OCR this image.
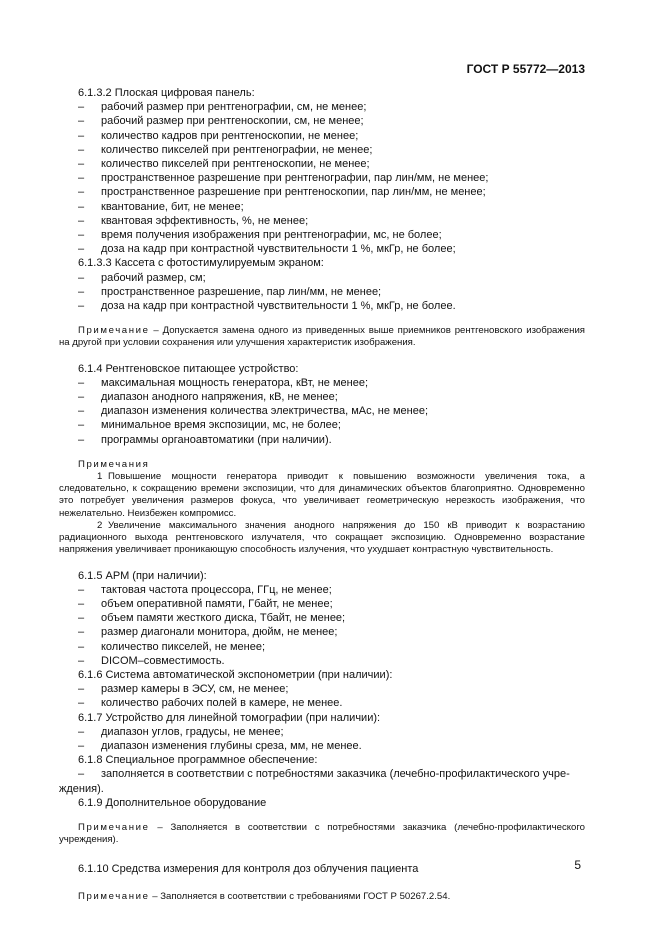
ГОСТ Р 55772—2013
6.1.3.2 Плоская цифровая панель:
– рабочий размер при рентгенографии, см, не менее;
– рабочий размер при рентгеноскопии, см, не менее;
– количество кадров при рентгеноскопии, не менее;
– количество пикселей при рентгенографии, не менее;
– количество пикселей при рентгеноскопии, не менее;
– пространственное разрешение при рентгенографии, пар лин/мм, не менее;
– пространственное разрешение при рентгеноскопии, пар лин/мм, не менее;
– квантование, бит, не менее;
– квантовая эффективность, %, не менее;
– время получения изображения при рентгенографии, мс, не более;
– доза на кадр при контрастной чувствительности 1 %, мкГр, не более;
6.1.3.3 Кассета с фотостимулируемым экраном:
– рабочий размер, см;
– пространственное разрешение, пар лин/мм, не менее;
– доза на кадр при контрастной чувствительности 1 %, мкГр, не более.
Примечание – Допускается замена одного из приведенных выше приемников рентгеновского изображения на другой при условии сохранения или улучшения характеристик изображения.
6.1.4 Рентгеновское питающее устройство:
– максимальная мощность генератора, кВт, не менее;
– диапазон анодного напряжения, кВ, не менее;
– диапазон изменения количества электричества, мАс, не менее;
– минимальное время экспозиции, мс, не более;
– программы органоавтоматики (при наличии).
Примечания
1 Повышение мощности генератора приводит к повышению возможности увеличения тока, а следовательно, к сокращению времени экспозиции, что для динамических объектов благоприятно. Одновременно это потребует увеличения размеров фокуса, что увеличивает геометрическую нерезкость изображения, что нежелательно. Неизбежен компромисс.
2 Увеличение максимального значения анодного напряжения до 150 кВ приводит к возрастанию радиационного выхода рентгеновского излучателя, что сокращает экспозицию. Одновременно возрастание напряжения увеличивает проникающую способность излучения, что ухудшает контрастную чувствительность.
6.1.5 АРМ (при наличии):
– тактовая частота процессора, ГГц, не менее;
– объем оперативной памяти, Гбайт, не менее;
– объем памяти жесткого диска, Тбайт, не менее;
– размер диагонали монитора, дюйм, не менее;
– количество пикселей, не менее;
– DICOM–совместимость.
6.1.6 Система автоматической экспонометрии (при наличии):
– размер камеры в ЭСУ, см, не менее;
– количество рабочих полей в камере, не менее.
6.1.7 Устройство для линейной томографии (при наличии):
– диапазон углов, градусы, не менее;
– диапазон изменения глубины среза, мм, не менее.
6.1.8 Специальное программное обеспечение:
– заполняется в соответствии с потребностями заказчика (лечебно-профилактического учре-
ждения).
6.1.9 Дополнительное оборудование
Примечание – Заполняется в соответствии с потребностями заказчика (лечебно-профилактического учреждения).
6.1.10 Средства измерения для контроля доз облучения пациента
Примечание – Заполняется в соответствии с требованиями ГОСТ Р 50267.2.54.
5
